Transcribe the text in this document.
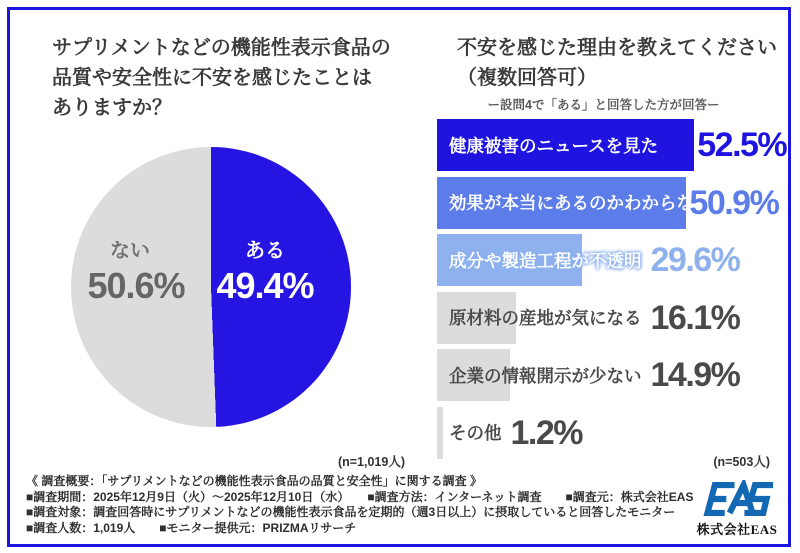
サプリメントなどの機能性表示食品の
品質や安全性に不安を感じたことは
ありますか？
ある
49.4%
ない
50.6%
(n=1,019人)
不安を感じた理由を教えてください
（複数回答可）
ー設問4で「ある」と回答した方が回答ー
健康被害のニュースを見た	52.5%
効果が本当にあるのかわからない
50.9%
成分や製造工程が不透明 29.6%
原材料の産地が気になる 16.1%
企業の情報開示が少ない 14.9%
その他 1.2%
(n=503人)
《 調査概要：「サプリメントなどの機能性表示食品の品質と安全性」に関する調査 》
■調査期間：2025年12月9日（火）〜2025年12月10日（水）　　■調査方法：インターネット調査　　■調査元：株式会社EAS
■調査対象：調査回答時にサプリメントなどの機能性表示食品を定期的（週3日以上）に摂取していると回答したモニター
■調査人数：1,019人　　■モニター提供元：PRIZMAリサーチ	株式会社EAS
